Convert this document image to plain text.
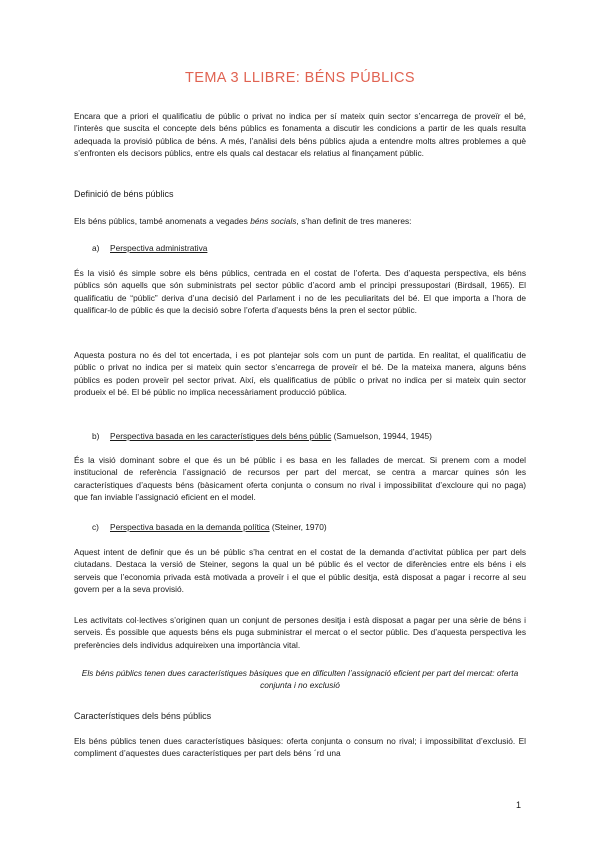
TEMA 3 LLIBRE: BÉNS PÚBLICS
Encara que a priori el qualificatiu de públic o privat no indica per sí mateix quin sector s’encarrega de proveïr el bé, l’interès que suscita el concepte dels béns públics es fonamenta a discutir les condicions a partir de les quals resulta adequada la provisió pública de béns. A més, l’anàlisi dels béns públics ajuda a entendre molts altres problemes a què s’enfronten els decisors públics, entre els quals cal destacar els relatius al finançament públic.
Definició de béns públics
Els béns públics, també anomenats a vegades béns socials, s’han definit de tres maneres:
a) Perspectiva administrativa
És la visió és simple sobre els béns públics, centrada en el costat de l’oferta. Des d’aquesta perspectiva, els béns públics són aquells que són subministrats pel sector públic d’acord amb el principi pressupostari (Birdsall, 1965). El qualificatiu de “públic” deriva d’una decisió del Parlament i no de les peculiaritats del bé. El que importa a l’hora de qualificar-lo de públic és que la decisió sobre l’oferta d’aquests béns la pren el sector públic.
Aquesta postura no és del tot encertada, i es pot plantejar sols com un punt de partida. En realitat, el qualificatiu de públic o privat no indica per si mateix quin sector s’encarrega de proveïr el bé. De la mateixa manera, alguns béns públics es poden proveïr pel sector privat. Així, els qualificatius de públic o privat no indica per si mateix quin sector produeix el bé. El bé públic no implica necessàriament producció pública.
b) Perspectiva basada en les característiques dels béns públic (Samuelson, 19944, 1945)
És la visió dominant sobre el que és un bé públic i es basa en les fallades de mercat. Si prenem com a model institucional de referència l’assignació de recursos per part del mercat, se centra a marcar quines són les característiques d’aquests béns (bàsicament oferta conjunta o consum no rival i impossibilitat d’excloure qui no paga) que fan inviable l’assignació eficient en el model.
c) Perspectiva basada en la demanda política (Steiner, 1970)
Aquest intent de definir que és un bé públic s’ha centrat en el costat de la demanda d’activitat pública per part dels ciutadans. Destaca la versió de Steiner, segons la qual un bé públic és el vector de diferències entre els béns i els serveis que l’economia privada està motivada a proveïr i el que el públic desitja, està disposat a pagar i recorre al seu govern per a la seva provisió.
Les activitats col·lectives s’originen quan un conjunt de persones desitja i està disposat a pagar per una sèrie de béns i serveis. És possible que aquests béns els puga subministrar el mercat o el sector públic. Des d’aquesta perspectiva les preferències dels individus adquireixen una importància vital.
Els béns públics tenen dues característiques bàsiques que en dificulten l’assignació eficient per part del mercat: oferta conjunta i no exclusió
Característiques dels béns públics
Els béns públics tenen dues característiques bàsiques: oferta conjunta o consum no rival; i impossibilitat d’exclusió. El compliment d’aquestes dues característiques per part dels béns ´rd una
1
